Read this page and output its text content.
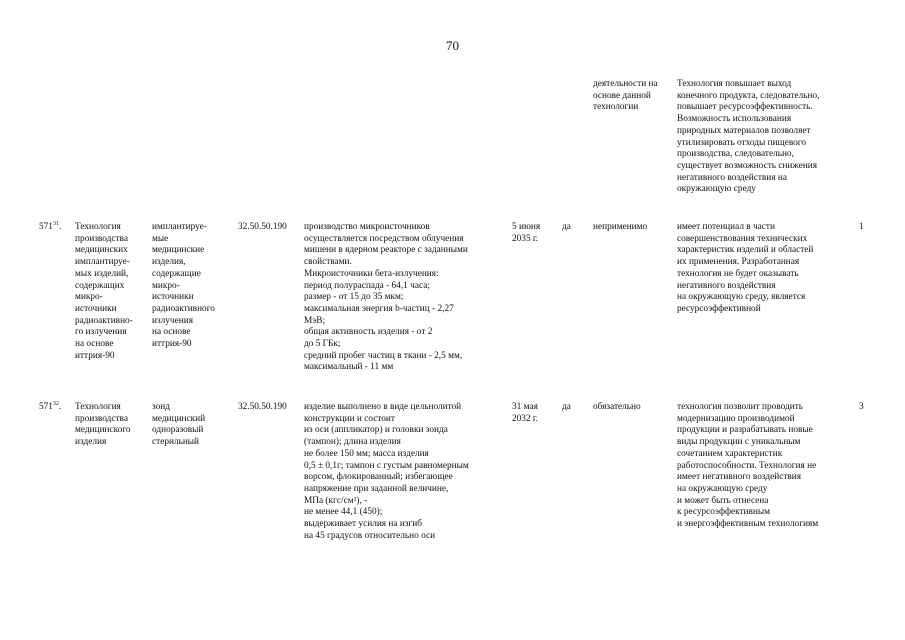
70
деятельности на
основе данной
технологии
Технология повышает выход
конечного продукта, следовательно,
повышает ресурсоэффективность.
Возможность использования
природных материалов позволяет
утилизировать отходы пищевого
производства, следовательно,
существует возможность снижения
негативного воздействия на
окружающую среду
$571^{31}$. Технология
производства
медицинских
имплантируе-
мых изделий,
содержащих
микро-
источники
радиоактивно-
го излучения
на основе
иттрия-90
имплантируе-
мые
медицинские
изделия,
содержащие
микро-
источники
радиоактивного
излучения
на основе
иттрия-90
32.50.50.190 производство микроисточников
осуществляется посредством облучения
мишени в ядерном реакторе с заданными
свойствами.
Микроисточники бета-излучения:
период полураспада - 64,1 часа;
размер - от 15 до 35 мкм;
максимальная энергия b-частиц - 2,27
МэВ;
общая активность изделия - от 2
до 5 ГБк;
средний пробег частиц в ткани - 2,5 мм,
максимальный - 11 мм
5 июня
2035 г.
да неприменимо	имеет потенциал в части
совершенствования технических
характеристик изделий и областей
их применения. Разработанная
технология не будет оказывать
негативного воздействия
на окружающую среду, является
ресурсоэффективной
1
$571^{32}$. Технология
производства
медицинского
изделия
зонд
медицинский
одноразовый
стерильный
32.50.50.190 изделие выполнено в виде цельнолитой
конструкции и состоит
из оси (аппликатор) и головки зонда
(тампон); длина изделия
не более 150 мм; масса изделия
0,5 ± 0,1г; тампон с густым равномерным
ворсом, флокированный; избегающее
напряжение при заданной величине,
МПа (кгс/см²), -
не менее 44,1 (450);
выдерживает усилия на изгиб
на 45 градусов относительно оси
31 мая
2032 г.
да обязательно	технология позволит проводить
модернизацию производимой
продукции и разрабатывать новые
виды продукции с уникальным
сочетанием характеристик
работоспособности. Технология не
имеет негативного воздействия
на окружающую среду
и может быть отнесена
к ресурсоэффективным
и энергоэффективным технологиям
3
